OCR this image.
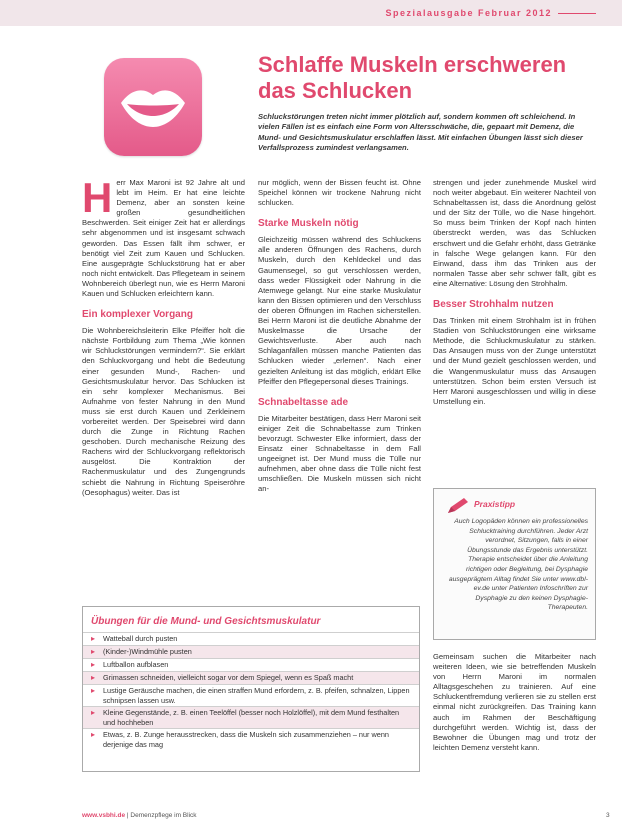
Spezialausgabe Februar 2012
Schlaffe Muskeln erschweren das Schlucken

Schluckstörungen treten nicht immer plötzlich auf, sondern kommen oft schleichend. In vielen Fällen ist es einfach eine Form von Altersschwäche, die, gepaart mit Demenz, die Mund- und Gesichtsmuskulatur erschlaffen lässt. Mit einfachen Übungen lässt sich dieser Verfallsprozess zumindest verlangsamen.

Herr Max Maroni ist 92 Jahre alt und lebt im Heim. Er hat eine leichte Demenz, aber an sonsten keine großen gesundheitlichen Beschwerden. Seit einiger Zeit hat er allerdings sehr abgenommen und ist insgesamt schwach geworden. Das Essen fällt ihm schwer, er benötigt viel Zeit zum Kauen und Schlucken. Eine ausgeprägte Schluckstörung hat er aber noch nicht entwickelt. Das Pflegeteam in seinem Wohnbereich überlegt nun, wie es Herrn Maroni Kauen und Schlucken erleichtern kann.

Ein komplexer Vorgang

Die Wohnbereichsleiterin Elke Pfeiffer holt die nächste Fortbildung zum Thema „Wie können wir Schluckstörungen vermindern?“. Sie erklärt den Schluckvorgang und hebt die Bedeutung einer gesunden Mund-, Rachen- und Gesichtsmuskulatur hervor. Das Schlucken ist ein sehr komplexer Mechanismus. Bei Aufnahme von fester Nahrung in den Mund muss sie erst durch Kauen und Zerkleinern vorbereitet werden. Der Speisebrei wird dann durch die Zunge in Richtung Rachen geschoben. Durch mechanische Reizung des Rachens wird der Schluckvorgang reflektorisch ausgelöst. Die Kontraktion der Rachenmuskulatur und des Zungengrunds schiebt die Nahrung in Richtung Speiseröhre (Oesophagus) weiter. Das ist

nur möglich, wenn der Bissen feucht ist. Ohne Speichel können wir trockene Nahrung nicht schlucken.

Starke Muskeln nötig

Gleichzeitig müssen während des Schluckens alle anderen Öffnungen des Rachens, durch Muskeln, durch den Kehldeckel und das Gaumensegel, so gut verschlossen werden, dass weder Flüssigkeit oder Nahrung in die Atemwege gelangt. Nur eine starke Muskulatur kann den Bissen optimieren und den Verschluss der oberen Öffnungen im Rachen sicherstellen. Bei Herrn Maroni ist die deutliche Abnahme der Muskelmasse die Ursache der Gewichtsverluste. Aber auch nach Schlaganfällen müssen manche Patienten das Schlucken wieder „erlernen“. Nach einer gezielten Anleitung ist das möglich, erklärt Elke Pfeiffer den Pflegepersonal dieses Trainings.

Schnabeltasse ade

Die Mitarbeiter bestätigen, dass Herr Maroni seit einiger Zeit die Schnabeltasse zum Trinken bevorzugt. Schwester Elke informiert, dass der Einsatz einer Schnabeltasse in dem Fall ungeeignet ist. Der Mund muss die Tülle nur aufnehmen, aber ohne dass die Tülle nicht fest umschließen. Die Muskeln müssen sich nicht an-

strengen und jeder zunehmende Muskel wird noch weiter abgebaut. Ein weiterer Nachteil von Schnabeltassen ist, dass die Anordnung gelöst und der Sitz der Tülle, wo die Nase hingehört. So muss beim Trinken der Kopf nach hinten überstreckt werden, was das Schlucken erschwert und die Gefahr erhöht, dass Getränke in falsche Wege gelangen kann. Für den Einwand, dass ihm das Trinken aus der normalen Tasse aber sehr schwer fällt, gibt es eine Alternative: Lösung den Strohhalm.

Besser Strohhalm nutzen

Das Trinken mit einem Strohhalm ist in frühen Stadien von Schluckstörungen eine wirksame Methode, die Schluckmuskulatur zu stärken. Das Ansaugen muss von der Zunge unterstützt und der Mund gezielt geschlossen werden, und die Wangenmuskulatur muss das Ansaugen unterstützen. Schon beim ersten Versuch ist Herr Maroni ausgeschlossen und willig in diese Umstellung ein.

Praxistipp

Auch Logopäden können ein professionelles Schlucktraining durchführen. Jeder Arzt verordnet, Sitzungen, falls in einer Übungsstunde das Ergebnis unterstützt. Therapie entscheidet über die Anleitung richtigen oder Begleitung, bei Dysphagie ausgeprägtem Alltag findet Sie unter www.dbl-ev.de unter Patienten Infoschriften zur Dysphagie zu den keinen Dysphagie-Therapeuten.

Gemeinsam suchen die Mitarbeiter nach weiteren Ideen, wie sie betreffenden Muskeln von Herrn Maroni im normalen Alltagsgeschehen zu trainieren. Auf eine Schluckentfremdung verlieren sie zu stellen erst einmal nicht zurückgreifen. Das Training kann auch im Rahmen der Beschäftigung durchgeführt werden. Wichtig ist, dass der Bewohner die Übungen mag und trotz der leichten Demenz versteht kann.

Übungen für die Mund- und Gesichtsmuskulatur
▸ Watteball durch pusten
▸ (Kinder-)Windmühle pusten
▸ Luftballon aufblasen
▸ Grimassen schneiden, vielleicht sogar vor dem Spiegel, wenn es Spaß macht
▸ Lustige Geräusche machen, die einen straffen Mund erfordern, z. B. pfeifen, schnalzen, Lippen schnipsen lassen usw.
▸ Kleine Gegenstände, z. B. einen Teelöffel (besser noch Holzlöffel), mit dem Mund festhalten und hochheben
▸ Etwas, z. B. Zunge herausstrecken, dass die Muskeln sich zusammenziehen – nur wenn derjenige das mag
www.vsbhi.de | Demenzpflege im Blick	3
